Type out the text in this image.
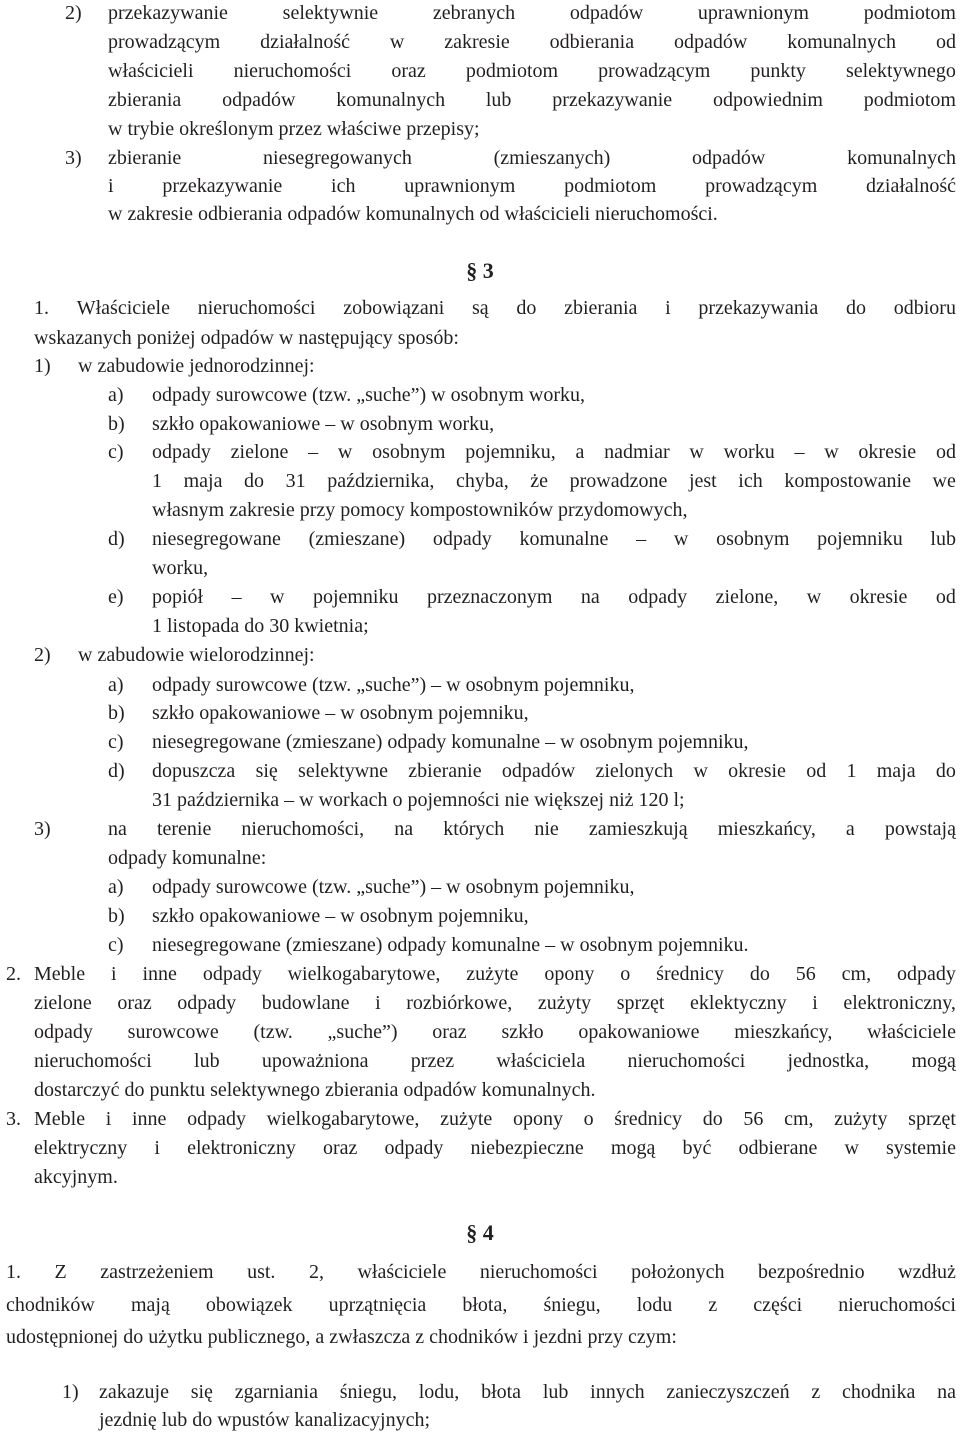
2) przekazywanie	selektywnie	zebranych	odpadów	uprawnionym	podmiotom
prowadzącym działalność w zakresie odbierania odpadów komunalnych od
właścicieli nieruchomości oraz podmiotom prowadzącym punkty selektywnego
zbierania odpadów komunalnych lub przekazywanie odpowiednim podmiotom
w trybie określonym przez właściwe przepisy;
3) zbieranie	niesegregowanych	(zmieszanych)	odpadów	komunalnych
i przekazywanie ich uprawnionym podmiotom prowadzącym działalność
w zakresie odbierania odpadów komunalnych od właścicieli nieruchomości.
§ 3
1. Właściciele nieruchomości zobowiązani są do zbierania i przekazywania do odbioru
wskazanych poniżej odpadów w następujący sposób:
1) w zabudowie jednorodzinnej:
a) odpady surowcowe (tzw. „suche”) w osobnym worku,
b) szkło opakowaniowe – w osobnym worku,
c) odpady zielone – w osobnym pojemniku, a nadmiar w worku – w okresie od
1 maja do 31 października, chyba, że prowadzone jest ich kompostowanie we
własnym zakresie przy pomocy kompostowników przydomowych,
d) niesegregowane (zmieszane) odpady komunalne – w osobnym pojemniku lub
worku,
e) popiół – w pojemniku przeznaczonym na odpady zielone, w okresie od
1 listopada do 30 kwietnia;
2) w zabudowie wielorodzinnej:
a) odpady surowcowe (tzw. „suche”) – w osobnym pojemniku,
b) szkło opakowaniowe – w osobnym pojemniku,
c) niesegregowane (zmieszane) odpady komunalne – w osobnym pojemniku,
d) dopuszcza się selektywne zbieranie odpadów zielonych w okresie od 1 maja do
31 października – w workach o pojemności nie większej niż 120 l;
3)	na terenie nieruchomości, na których nie zamieszkują mieszkańcy, a powstają
odpady komunalne:
a) odpady surowcowe (tzw. „suche”) – w osobnym pojemniku,
b) szkło opakowaniowe – w osobnym pojemniku,
c) niesegregowane (zmieszane) odpady komunalne – w osobnym pojemniku.
2. Meble i inne odpady wielkogabarytowe, zużyte opony o średnicy do 56 cm, odpady
zielone oraz odpady budowlane i rozbiórkowe, zużyty sprzęt eklektyczny i elektroniczny,
odpady surowcowe (tzw. „suche”) oraz szkło opakowaniowe mieszkańcy, właściciele
nieruchomości lub upoważniona przez właściciela nieruchomości jednostka, mogą
dostarczyć do punktu selektywnego zbierania odpadów komunalnych.
3. Meble i inne odpady wielkogabarytowe, zużyte opony o średnicy do 56 cm, zużyty sprzęt
elektryczny i elektroniczny oraz odpady niebezpieczne mogą być odbierane w systemie
akcyjnym.
§ 4
1. Z zastrzeżeniem ust. 2, właściciele nieruchomości położonych bezpośrednio wzdłuż
chodników mają obowiązek uprzątnięcia błota, śniegu, lodu z części nieruchomości
udostępnionej do użytku publicznego, a zwłaszcza z chodników i jezdni przy czym:
1) zakazuje się zgarniania śniegu, lodu, błota lub innych zanieczyszczeń z chodnika na
jezdnię lub do wpustów kanalizacyjnych;
